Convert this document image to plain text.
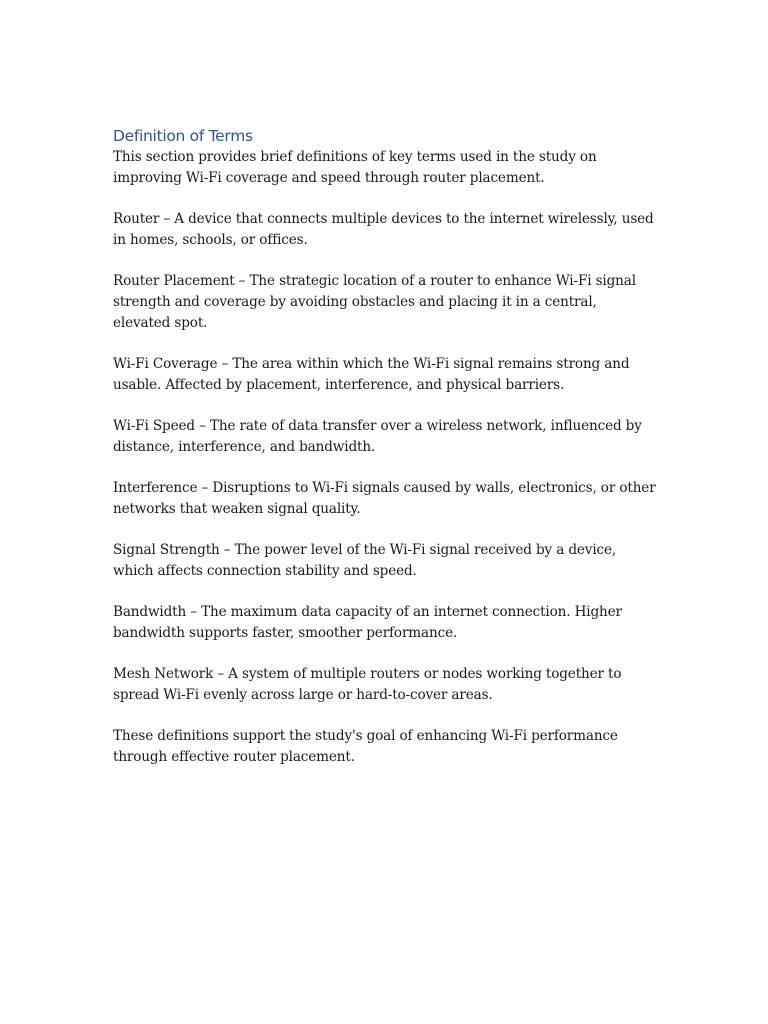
Definition of Terms

This section provides brief definitions of key terms used in the study on improving Wi-Fi coverage and speed through router placement.

Router – A device that connects multiple devices to the internet wirelessly, used in homes, schools, or offices.

Router Placement – The strategic location of a router to enhance Wi-Fi signal strength and coverage by avoiding obstacles and placing it in a central, elevated spot.

Wi-Fi Coverage – The area within which the Wi-Fi signal remains strong and usable. Affected by placement, interference, and physical barriers.

Wi-Fi Speed – The rate of data transfer over a wireless network, influenced by distance, interference, and bandwidth.

Interference – Disruptions to Wi-Fi signals caused by walls, electronics, or other networks that weaken signal quality.

Signal Strength – The power level of the Wi-Fi signal received by a device, which affects connection stability and speed.

Bandwidth – The maximum data capacity of an internet connection. Higher bandwidth supports faster, smoother performance.

Mesh Network – A system of multiple routers or nodes working together to spread Wi-Fi evenly across large or hard-to-cover areas.

These definitions support the study's goal of enhancing Wi-Fi performance through effective router placement.
